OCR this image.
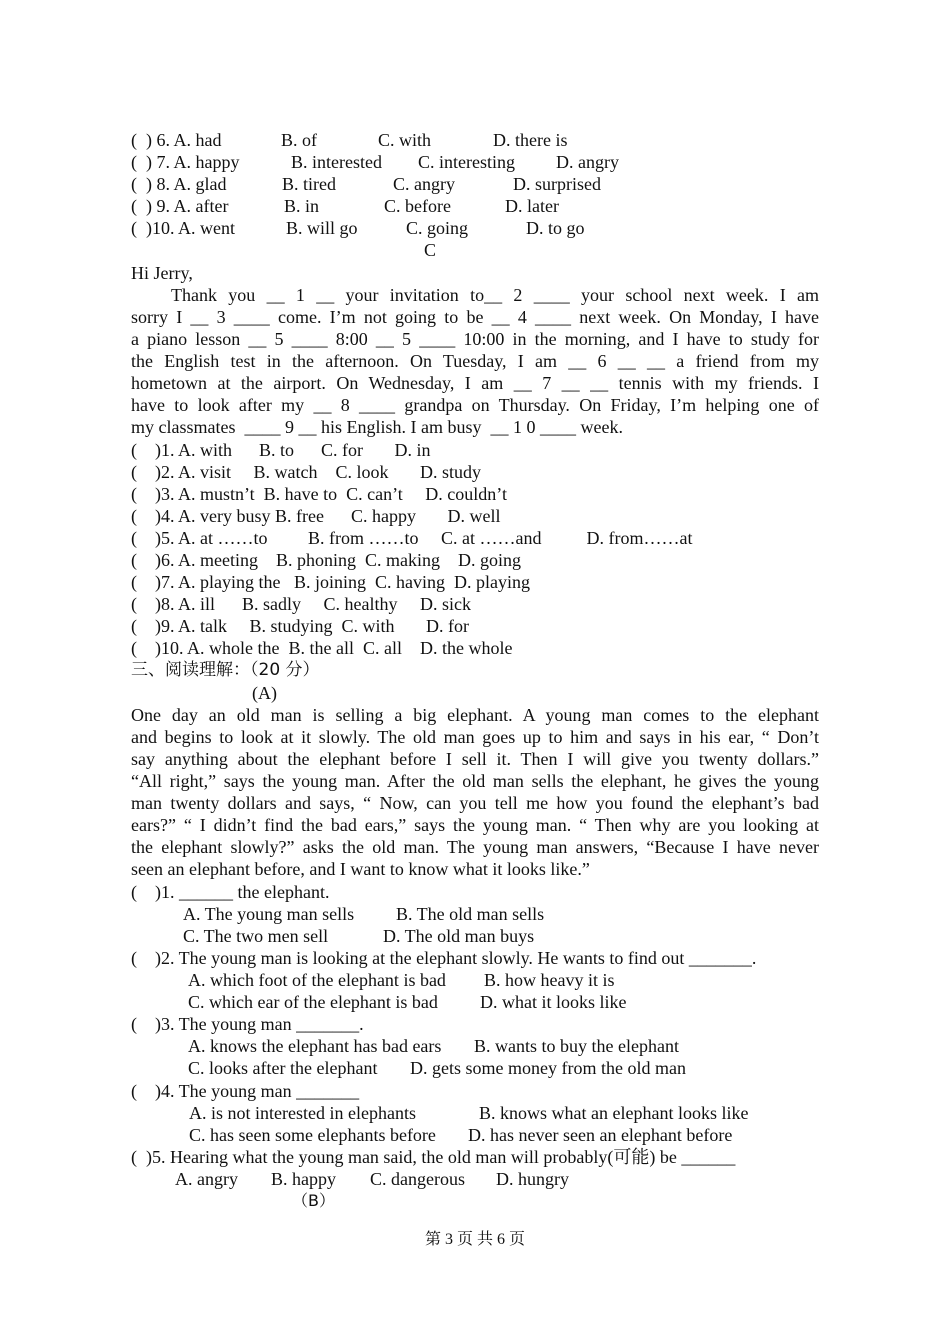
(  ) 6. A. had	B. of	C. with	D. there is
(  ) 7. A. happy	B. interested C. interesting D. angry
(  ) 8. A. glad	B. tired	C. angry	D. surprised
(  ) 9. A. after	B. in	C. before	D. later
(  )10. A. went	B. will go	C. going	D. to go
C
Hi Jerry,
Thank you __ 1 __ your invitation to__ 2 ____ your school next week. I am
sorry I __ 3 ____ come. I’m not going to be __ 4 ____ next week. On Monday, I have
a piano lesson __ 5 ____ 8:00 __ 5 ____ 10:00 in the morning, and I have to study for
the English test in the afternoon. On Tuesday, I am __ 6 __ __ a friend from my
hometown at the airport. On Wednesday, I am __ 7 __ __ tennis with my friends. I
have to look after my __ 8 ____ grandpa on Thursday. On Friday, I’m helping one of
my classmates  ____ 9 __ his English. I am busy  __ 1 0 ____ week.
(    )1. A. with      B. to      C. for       D. in
(    )2. A. visit     B. watch    C. look       D. study
(    )3. A. mustn’t  B. have to  C. can’t     D. couldn’t
(    )4. A. very busy B. free      C. happy       D. well
(    )5. A. at ……to         B. from ……to     C. at ……and          D. from……at
(    )6. A. meeting    B. phoning  C. making    D. going
(    )7. A. playing the   B. joining  C. having  D. playing
(    )8. A. ill      B. sadly     C. healthy     D. sick
(    )9. A. talk     B. studying  C. with       D. for
(    )10. A. whole the  B. the all  C. all    D. the whole
三、阅读理解：（20 分）
(A)
One day an old man is selling a big elephant. A young man comes to the elephant
and begins to look at it slowly. The old man goes up to him and says in his ear, “ Don’t
say anything about the elephant before I sell it. Then I will give you twenty dollars.”
“All right,” says the young man. After the old man sells the elephant, he gives the young
man twenty dollars and says, “ Now, can you tell me how you found the elephant’s bad
ears?” “ I didn’t find the bad ears,” says the young man. “ Then why are you looking at
the elephant slowly?” asks the old man. The young man answers, “Because I have never
seen an elephant before, and I want to know what it looks like.”
(    )1. ______ the elephant.
A. The young man sells B. The old man sells
C. The two men sell	D. The old man buys
(    )2. The young man is looking at the elephant slowly. He wants to find out _______.
A. which foot of the elephant is bad B. how heavy it is
C. which ear of the elephant is bad D. what it looks like
(    )3. The young man _______.
A. knows the elephant has bad ears B. wants to buy the elephant
C. looks after the elephant D. gets some money from the old man
(    )4. The young man _______
A. is not interested in elephants	B. knows what an elephant looks like
C. has seen some elephants before D. has never seen an elephant before
(  )5. Hearing what the young man said, the old man will probably(可能) be ______
A. angry B. happy C. dangerous D. hungry
（B）
第 3 页 共 6 页
